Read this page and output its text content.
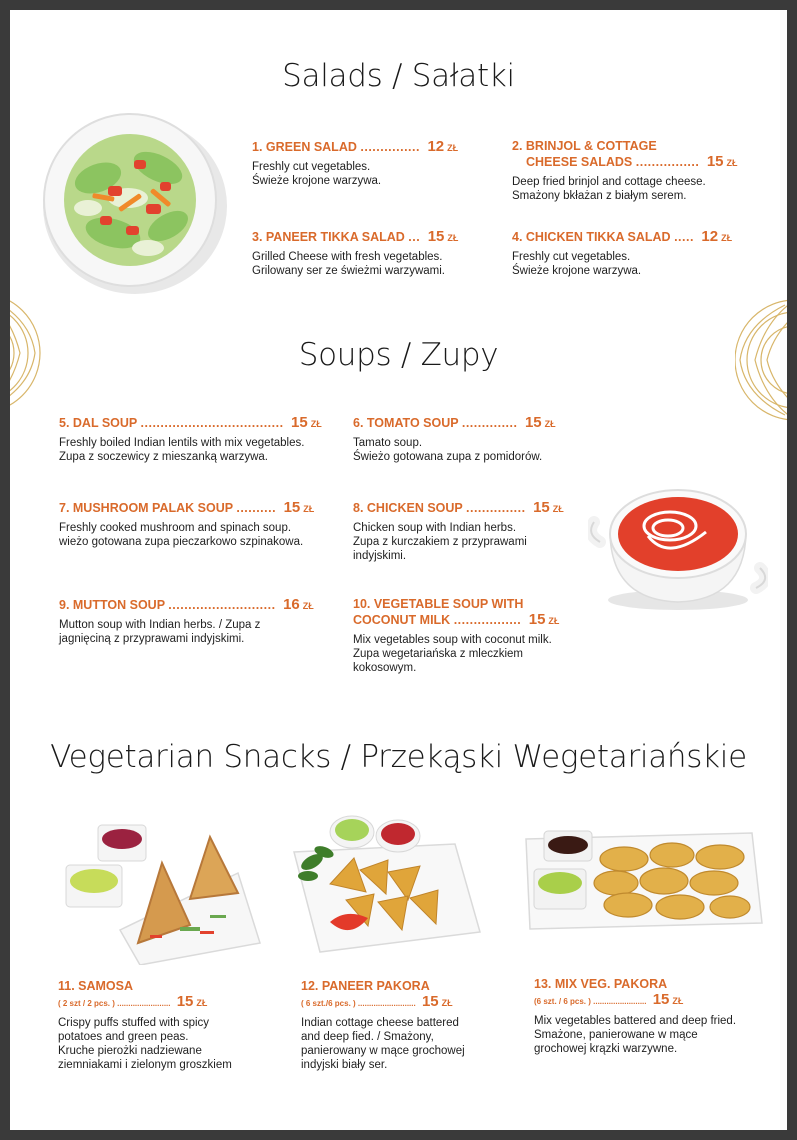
Salads / Sałatki
1. GREEN SALAD ............... 12 ZŁ
Freshly cut vegetables.
Świeże krojone warzywa.
2. BRINJOL & COTTAGE
CHEESE SALADS ................ 15 ZŁ
Deep fried brinjol and cottage cheese.
Smażony bkłażan z białym serem.
3. PANEER TIKKA SALAD ... 15 ZŁ
Grilled Cheese with fresh vegetables.
Grilowany ser ze świeżmi warzywami.
4. CHICKEN TIKKA SALAD ..... 12 ZŁ
Freshly cut vegetables.
Świeże krojone warzywa.
Soups / Zupy
5. DAL SOUP .................................... 15 ZŁ
Freshly boiled Indian lentils with mix vegetables.
Zupa z soczewicy z mieszanką warzywa.
6. TOMATO SOUP .............. 15 ZŁ
Tamato soup.
Świeżo gotowana zupa z pomidorów.
7. MUSHROOM PALAK SOUP .......... 15 ZŁ
Freshly cooked mushroom and spinach soup.
wieżo gotowana zupa pieczarkowo szpinakowa.
8. CHICKEN SOUP ............... 15 ZŁ
Chicken soup with Indian herbs.
Zupa z kurczakiem z przyprawami
indyjskimi.
9. MUTTON SOUP ........................... 16 ZŁ
Mutton soup with Indian herbs. / Zupa z
jagnięciną z przyprawami indyjskimi.
10. VEGETABLE SOUP WITH
COCONUT MILK ................. 15 ZŁ
Mix vegetables soup with coconut milk.
Zupa wegetariańska z mleczkiem
kokosowym.
Vegetarian Snacks / Przekąski Wegetariańskie
11. SAMOSA
( 2 szt / 2 pcs. ) ........................ 15 ZŁ
Crispy puffs stuffed with spicy
potatoes and green peas.
Kruche pierożki nadziewane
ziemniakami i zielonym groszkiem
12. PANEER PAKORA
( 6 szt./6 pcs. ) .......................... 15 ZŁ
Indian cottage cheese battered
and deep fied. / Smażony,
panierowany w mące grochowej
indyjski biały ser.
13. MIX VEG. PAKORA
(6 szt. / 6 pcs. ) ........................ 15 ZŁ
Mix vegetables battered and deep fried.
Smażone, panierowane w mące
grochowej krązki warzywne.
